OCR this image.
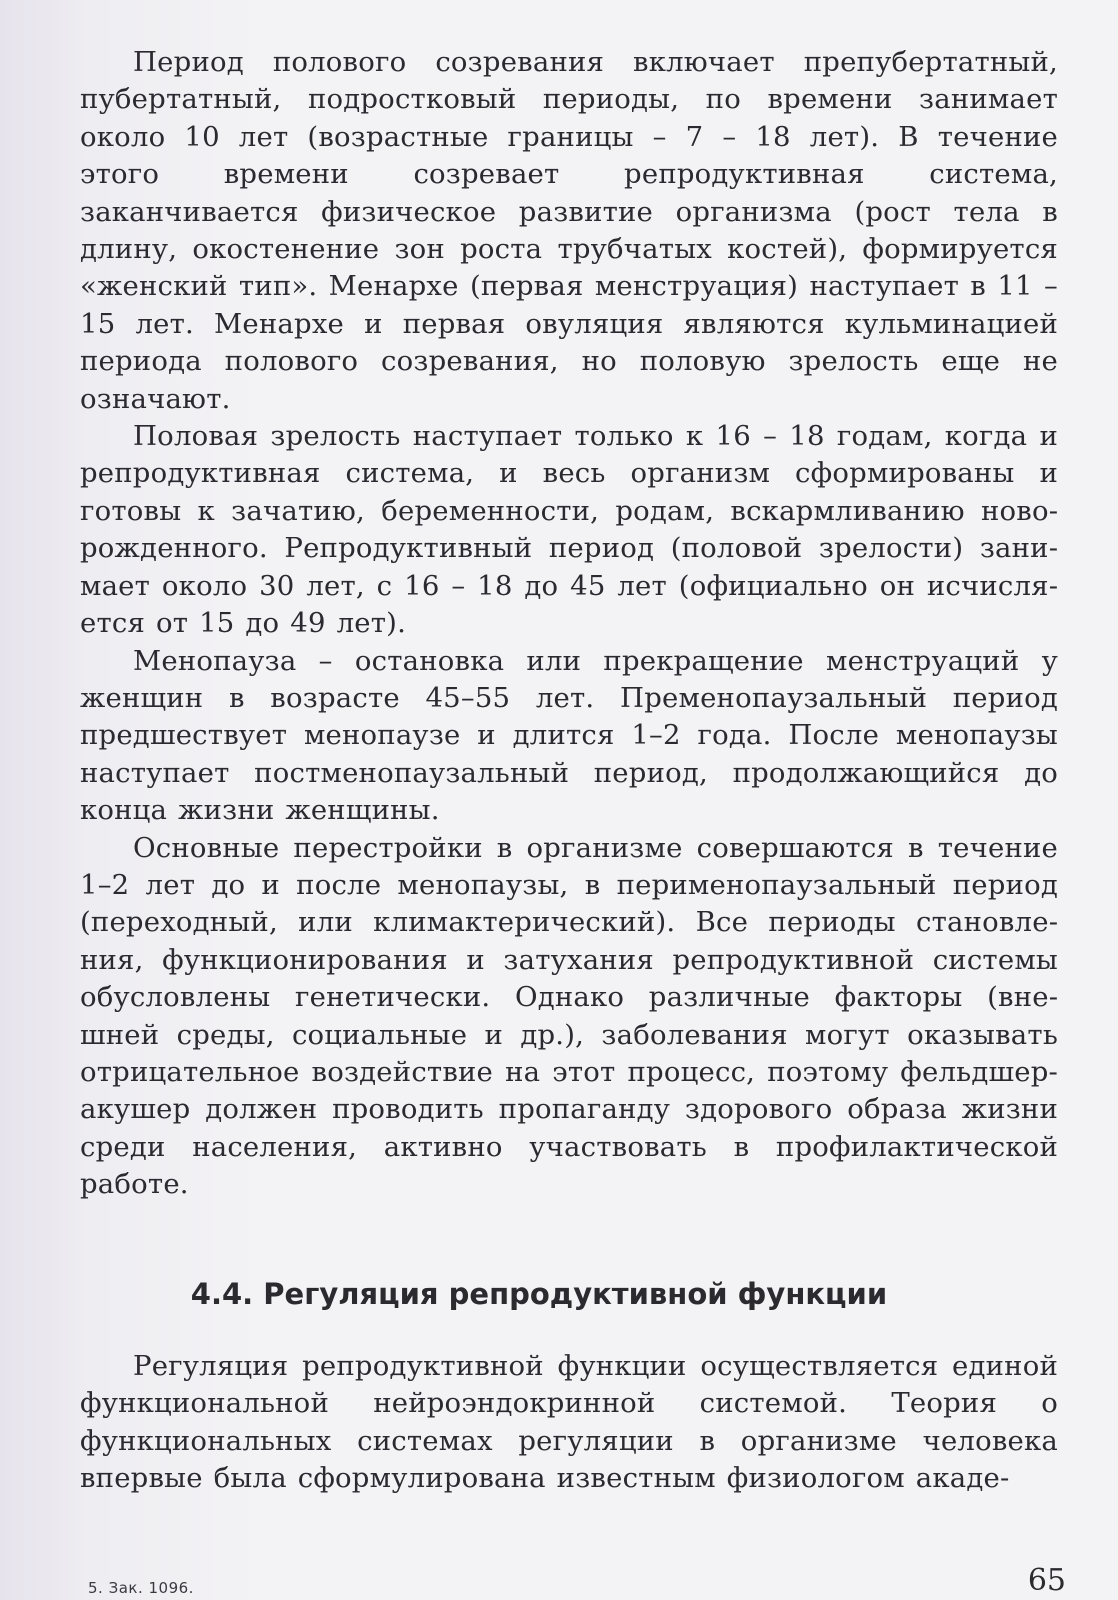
Период полового созревания включает препубертатный, пубертатный, подростковый периоды, по времени занимает около 10 лет (возрастные границы – 7 – 18 лет). В течение этого времени созревает репродуктивная система, заканчивается физическое развитие организма (рост тела в длину, окостенение зон роста трубчатых костей), формируется «женский тип». Менархе (первая менструация) наступает в 11 – 15 лет. Менархе и первая овуляция являются кульминацией периода полового созревания, но половую зрелость еще не означают.

Половая зрелость наступает только к 16 – 18 годам, когда и репродуктивная система, и весь организм сформированы и готовы к зачатию, беременности, родам, вскармливанию новорожденного. Репродуктивный период (половой зрелости) занимает около 30 лет, с 16 – 18 до 45 лет (официально он исчисляется от 15 до 49 лет).

Менопауза – остановка или прекращение менструаций у женщин в возрасте 45–55 лет. Пременопаузальный период предшествует менопаузе и длится 1–2 года. После менопаузы наступает постменопаузальный период, продолжающийся до конца жизни женщины.

Основные перестройки в организме совершаются в течение 1–2 лет до и после менопаузы, в перименопаузальный период (переходный, или климактерический). Все периоды становления, функционирования и затухания репродуктивной системы обусловлены генетически. Однако различные факторы (внешней среды, социальные и др.), заболевания могут оказывать отрицательное воздействие на этот процесс, поэтому фельдшер-акушер должен проводить пропаганду здорового образа жизни среди населения, активно участвовать в профилактической работе.

4.4. Регуляция репродуктивной функции

Регуляция репродуктивной функции осуществляется единой функциональной нейроэндокринной системой. Теория о функциональных системах регуляции в организме человека впервые была сформулирована известным физиологом акаде-

5. Зак. 1096.	65
